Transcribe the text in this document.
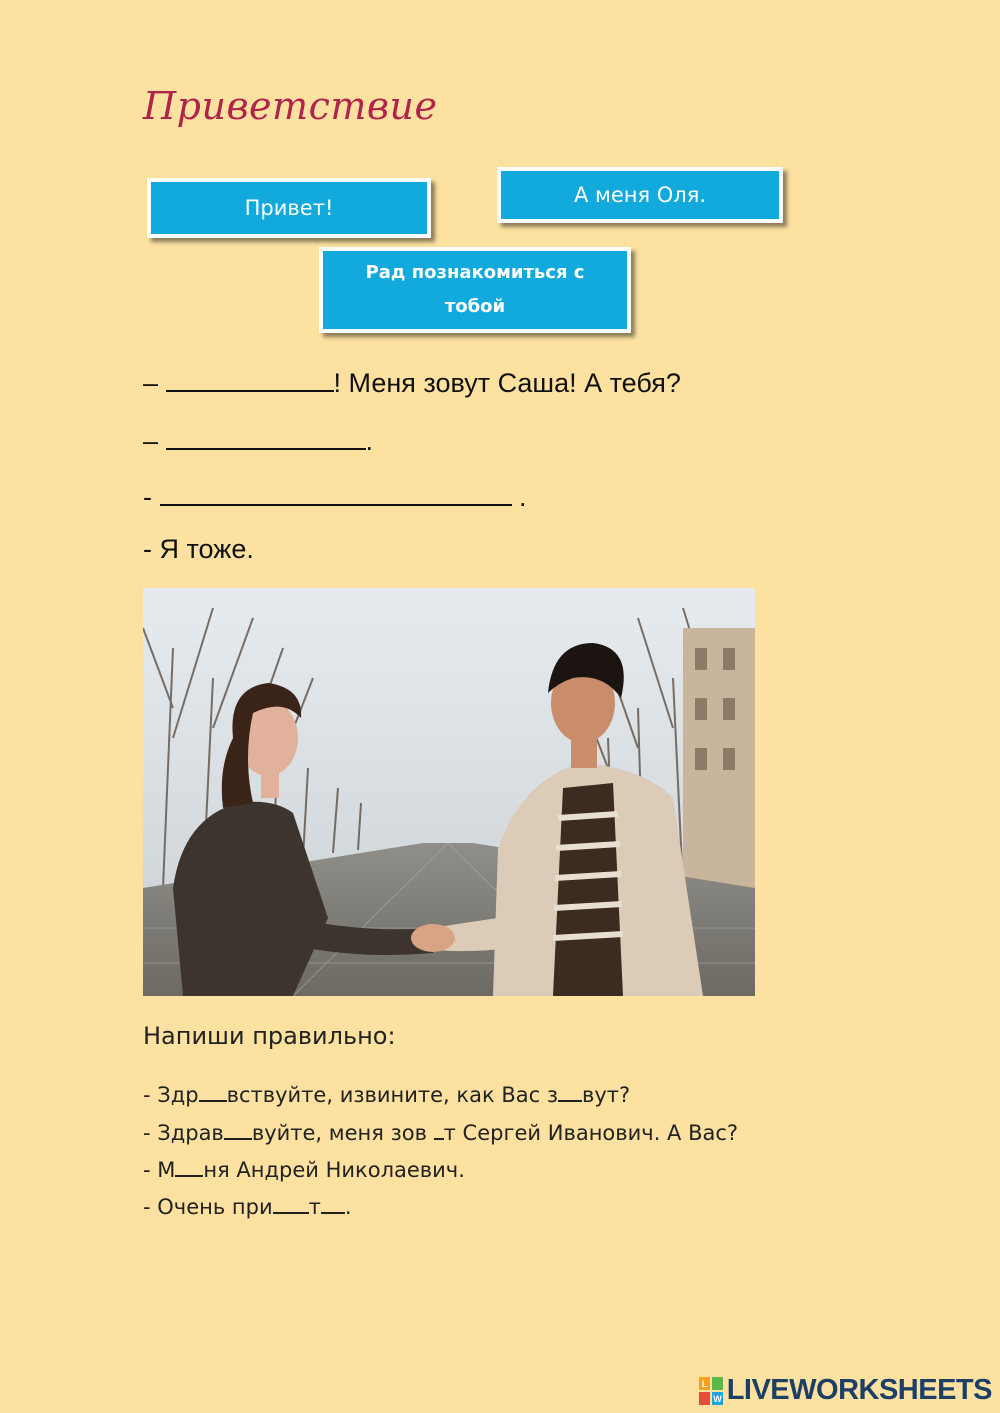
Приветствие
Привет!
А меня Оля.
Рад познакомиться с тобой
–	! Меня зовут Саша! А тебя?
–	.
-	.
- Я тоже.
Напиши правильно:
- Здр вствуйте, извините, как Вас з вут?
- Здрав вуйте, меня зов т Сергей Иванович. А Вас?
- М ня Андрей Николаевич.
- Очень при т .
L
W LIVEWORKSHEETS
